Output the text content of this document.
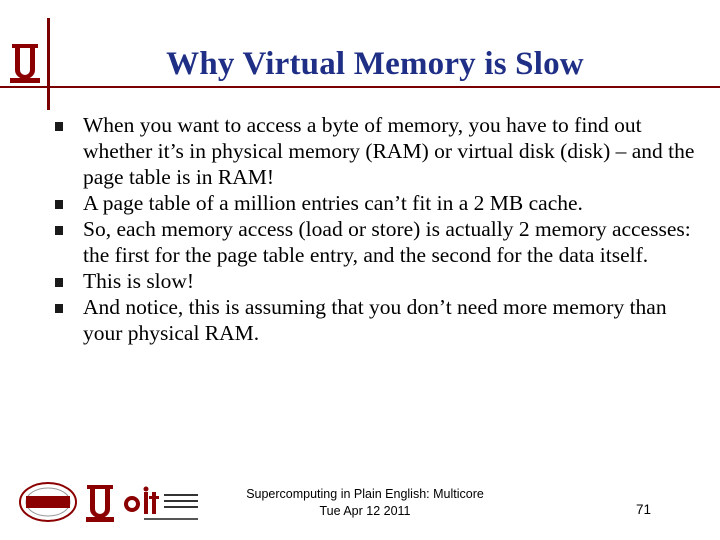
Why Virtual Memory is Slow
When you want to access a byte of memory, you have to find out whether it’s in physical memory (RAM) or virtual disk (disk) – and the page table is in RAM!
A page table of a million entries can’t fit in a 2 MB cache.
So, each memory access (load or store) is actually 2 memory accesses: the first for the page table entry, and the second for the data itself.
This is slow!
And notice, this is assuming that you don’t need more memory than your physical RAM.
Supercomputing in Plain English: Multicore
Tue Apr 12 2011	71
